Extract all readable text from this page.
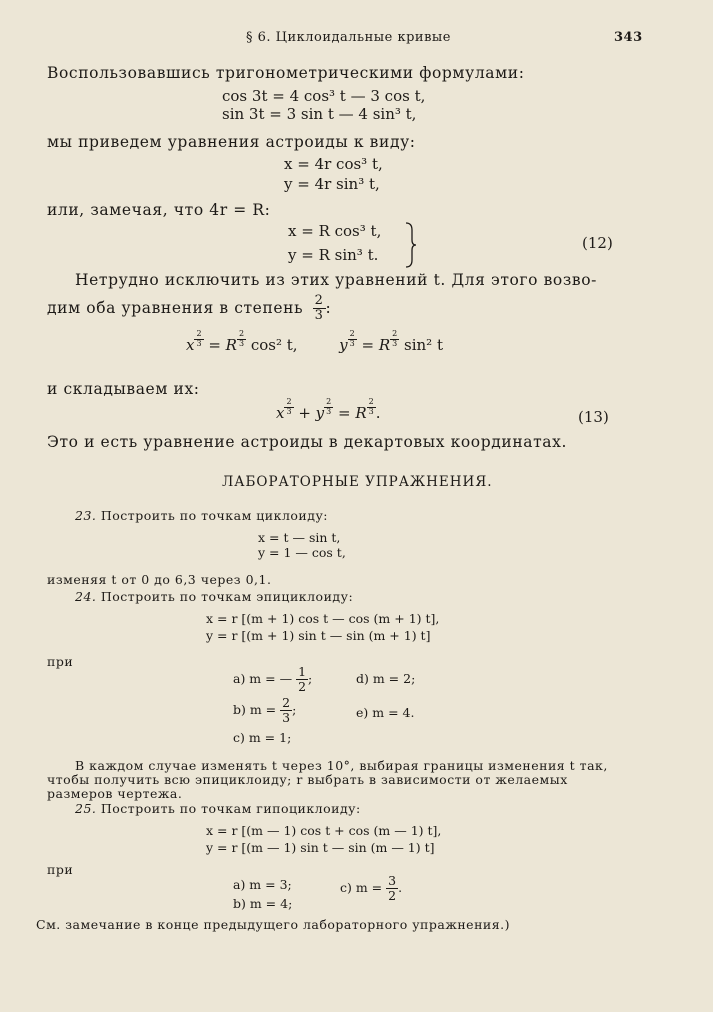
§ 6. Циклоидальные кривые	343
Воспользовавшись тригонометрическими формулами:
cos 3t = 4 cos³ t — 3 cos t,
sin 3t = 3 sin t — 4 sin³ t,
мы приведем уравнения астроиды к виду:
x = 4r cos³ t,
y = 4r sin³ t,
или, замечая, что 4r = R:
x = R cos³ t,
y = R sin³ t.
(12)
Нетрудно исключить из этих уравнений t. Для этого возво-
дим оба уравнения в степень $\frac{2}{3}$ :
x $\frac{2}{3} = R \frac{2}{3} \cos^2$ t,	y $\frac{2}{3} = R \frac{2}{3} \sin^2$ t
и складываем их:
x $\frac{2}{3} + y \frac{2}{3} = R \frac{2}{3}$ .	(13)
Это и есть уравнение астроиды в декартовых координатах.
ЛАБОРАТОРНЫЕ УПРАЖНЕНИЯ.
23. Построить по точкам циклоиду:
x = t — sin t,
y = 1 — cos t,
изменяя t от 0 до 6,3 через 0,1.
24. Построить по точкам эпициклоиду:
x = r [(m + 1) cos t — cos (m + 1) t],
y = r [(m + 1) sin t — sin (m + 1) t]
при
a) m = — $\frac{1}{2}$ ;	d) m = 2;
b) $m = \frac{2}{3}$ ;	e) m = 4.
c) m = 1;
В каждом случае изменять t через 10°, выбирая границы изменения t так,
чтобы получить всю эпициклоиду; r выбрать в зависимости от желаемых
размеров чертежа.
25. Построить по точкам гипоциклоиду:
x = r [(m — 1) cos t + cos (m — 1) t],
y = r [(m — 1) sin t — sin (m — 1) t]
при
a) m = 3;
b) m = 4;
c) $m = \frac{3}{2}$ .
См. замечание в конце предыдущего лабораторного упражнения.)
